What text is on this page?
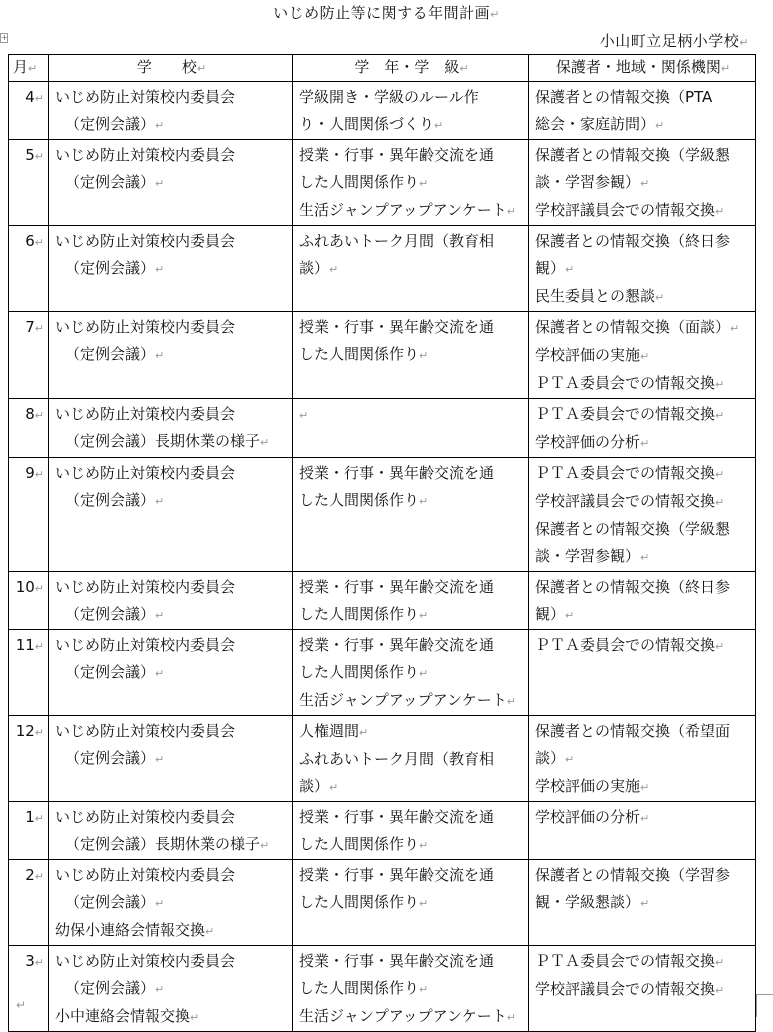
いじめ防止等に関する年間計画↵
+	小山町立足柄小学校↵
月↵	学　　校↵	学　年・学　級↵	保護者・地域・関係機関↵
4↵	いじめ防止対策校内委員会
（定例会議）↵	学級開き・学級のルール作
り・人間関係づくり↵	保護者との情報交換（PTA
総会・家庭訪問）↵

5↵	いじめ防止対策校内委員会
（定例会議）↵	授業・行事・異年齢交流を通
した人間関係作り↵
生活ジャンプアップアンケート↵	保護者との情報交換（学級懇
談・学習参観）↵
学校評議員会での情報交換↵

6↵	いじめ防止対策校内委員会
（定例会議）↵	ふれあいトーク月間（教育相
談）↵	保護者との情報交換（終日参
観）↵
民生委員との懇談↵

7↵	いじめ防止対策校内委員会
（定例会議）↵	授業・行事・異年齢交流を通
した人間関係作り↵	保護者との情報交換（面談）↵
学校評価の実施↵
ＰＴＡ委員会での情報交換↵

8↵	いじめ防止対策校内委員会
（定例会議）長期休業の様子↵	↵	ＰＴＡ委員会での情報交換↵
学校評価の分析↵

9↵	いじめ防止対策校内委員会
（定例会議）↵	授業・行事・異年齢交流を通
した人間関係作り↵	ＰＴＡ委員会での情報交換↵
学校評議員会での情報交換↵
保護者との情報交換（学級懇
談・学習参観）↵

10↵	いじめ防止対策校内委員会
（定例会議）↵	授業・行事・異年齢交流を通
した人間関係作り↵	保護者との情報交換（終日参
観）↵

11↵	いじめ防止対策校内委員会
（定例会議）↵	授業・行事・異年齢交流を通
した人間関係作り↵
生活ジャンプアップアンケート↵	ＰＴＡ委員会での情報交換↵

12↵	いじめ防止対策校内委員会
（定例会議）↵	人権週間↵
ふれあいトーク月間（教育相
談）↵	保護者との情報交換（希望面
談）↵
学校評価の実施↵

1↵	いじめ防止対策校内委員会
（定例会議）長期休業の様子↵	授業・行事・異年齢交流を通
した人間関係作り↵	学校評価の分析↵

2↵	いじめ防止対策校内委員会
（定例会議）↵
幼保小連絡会情報交換↵	授業・行事・異年齢交流を通
した人間関係作り↵	保護者との情報交換（学習参
観・学級懇談）↵

3↵	いじめ防止対策校内委員会
（定例会議）↵
小中連絡会情報交換↵	授業・行事・異年齢交流を通
した人間関係作り↵
生活ジャンプアップアンケート↵	ＰＴＡ委員会での情報交換↵
学校評議員会での情報交換↵
↵
